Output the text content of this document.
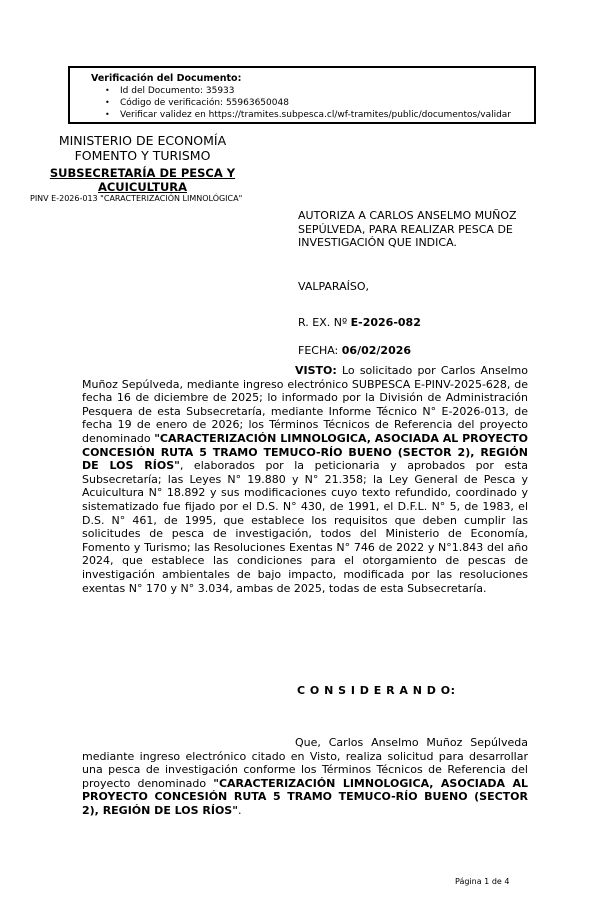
Verificación del Documento:
•	Id del Documento: 35933
•	Código de verificación: 55963650048
•	Verificar validez en https://tramites.subpesca.cl/wf-tramites/public/documentos/validar
MINISTERIO DE ECONOMÍA
FOMENTO Y TURISMO
SUBSECRETARÍA DE PESCA Y
ACUICULTURA
PINV E-2026-013 "CARACTERIZACIÓN LIMNOLÓGICA"
AUTORIZA A CARLOS ANSELMO MUÑOZ SEPÚLVEDA, PARA REALIZAR PESCA DE INVESTIGACIÓN QUE INDICA.
VALPARAÍSO,
R. EX. Nº E-2026-082
FECHA: 06/02/2026
VISTO: Lo solicitado por Carlos Anselmo Muñoz Sepúlveda, mediante ingreso electrónico SUBPESCA E-PINV-2025-628, de fecha 16 de diciembre de 2025; lo informado por la División de Administración Pesquera de esta Subsecretaría, mediante Informe Técnico N° E-2026-013, de fecha 19 de enero de 2026; los Términos Técnicos de Referencia del proyecto denominado "CARACTERIZACIÓN LIMNOLOGICA, ASOCIADA AL PROYECTO CONCESIÓN RUTA 5 TRAMO TEMUCO-RÍO BUENO (SECTOR 2), REGIÓN DE LOS RÍOS", elaborados por la peticionaria y aprobados por esta Subsecretaría; las Leyes N° 19.880 y N° 21.358; la Ley General de Pesca y Acuicultura N° 18.892 y sus modificaciones cuyo texto refundido, coordinado y sistematizado fue fijado por el D.S. N° 430, de 1991, el D.F.L. N° 5, de 1983, el D.S. N° 461, de 1995, que establece los requisitos que deben cumplir las solicitudes de pesca de investigación, todos del Ministerio de Economía, Fomento y Turismo; las Resoluciones Exentas N° 746 de 2022 y N°1.843 del año 2024, que establece las condiciones para el otorgamiento de pescas de investigación ambientales de bajo impacto, modificada por las resoluciones exentas N° 170 y N° 3.034, ambas de 2025, todas de esta Subsecretaría.
C O N S I D E R A N D O:
Que, Carlos Anselmo Muñoz Sepúlveda mediante ingreso electrónico citado en Visto, realiza solicitud para desarrollar una pesca de investigación conforme los Términos Técnicos de Referencia del proyecto denominado "CARACTERIZACIÓN LIMNOLOGICA, ASOCIADA AL PROYECTO CONCESIÓN RUTA 5 TRAMO TEMUCO-RÍO BUENO (SECTOR 2), REGIÓN DE LOS RÍOS".
Página 1 de 4
